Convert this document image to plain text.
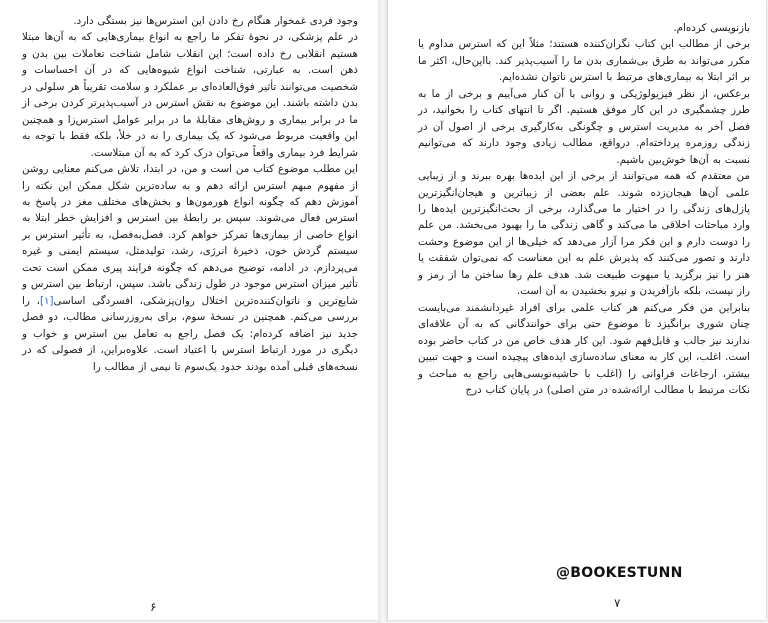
وجود فردی غمخوار هنگام رخ دادن این استرس‌ها نیز بستگی دارد.

در علم پزشکی، در نحوهٔ تفکر ما راجع به انواع بیماری‌هایی که به آن‌ها مبتلا هستیم انقلابی رخ داده است؛ این انقلاب شامل شناخت تعاملات بین بدن و ذهن است. به عبارتی، شناخت انواع شیوه‌هایی که در آن احساسات و شخصیت می‌توانند تأثیر فوق‌العاده‌ای بر عملکرد و سلامت تقریباً هر سلولی در بدن داشته باشند. این موضوع به نقش استرس در آسیب‌پذیرتر کردن برخی از ما در برابر بیماری و روش‌های مقابلهٔ ما در برابر عوامل استرس‌زا و همچنین این واقعیت مربوط می‌شود که یک بیماری را نه در خلأ، بلکه فقط با توجه به شرایط فرد بیماری واقعاً می‌توان درک کرد که به آن مبتلاست.

این مطلب موضوع کتاب من است و من، در ابتدا، تلاش می‌کنم معنایی روشن از مفهوم مبهم استرس ارائه دهم و به ساده‌ترین شکل ممکن این نکته را آموزش دهم که چگونه انواع هورمون‌ها و بخش‌های مختلف مغز در پاسخ به استرس فعال می‌شوند. سپس بر رابطهٔ بین استرس و افزایش خطر ابتلا به انواع خاصی از بیماری‌ها تمرکز خواهم کرد. فصل‌به‌فصل، به تأثیر استرس بر سیستم گردش خون، ذخیرهٔ انرژی، رشد، تولیدمثل، سیستم ایمنی و غیره می‌پردازم. در ادامه، توضیح می‌دهم که چگونه فرایند پیری ممکن است تحت تأثیر میزان استرس موجود در طول زندگی باشد. سپس، ارتباط بین استرس و شایع‌ترین و ناتوان‌کننده‌ترین اختلال روان‌پزشکی، افسردگی اساسی[۱]، را بررسی می‌کنم. همچنین در نسخهٔ سوم، برای به‌روزرسانی مطالب، دو فصل جدید نیز اضافه کرده‌ام: یک فصل راجع به تعامل بین استرس و خواب و دیگری در مورد ارتباط استرس با اعتیاد است. علاوه‌براین، از فصولی که در نسخه‌های قبلی آمده بودند حدود یک‌سوم تا نیمی از مطالب را

۶

بازنویسی کرده‌ام.

برخی از مطالب این کتاب نگران‌کننده هستند؛ مثلاً این که استرس مداوم یا مکرر می‌تواند به طرق بی‌شماری بدن ما را آسیب‌پذیر کند. بااین‌حال، اکثر ما بر اثر ابتلا به بیماری‌های مرتبط با استرس ناتوان نشده‌ایم.

برعکس، از نظر فیزیولوژیکی و روانی با آن کنار می‌آییم و برخی از ما به طرز چشمگیری در این کار موفق هستیم. اگر تا انتهای کتاب را بخوانید، در فصل آخر به مدیریت استرس و چگونگی به‌کارگیری برخی از اصول آن در زندگی روزمره پرداخته‌ام. درواقع، مطالب زیادی وجود دارند که می‌توانیم نسبت به آن‌ها خوش‌بین باشیم.

من معتقدم که همه می‌توانند از برخی از این ایده‌ها بهره ببرند و از زیبایی علمی آن‌ها هیجان‌زده شوند. علم بعضی از زیباترین و هیجان‌انگیزترین پازل‌های زندگی را در اختیار ما می‌گذارد، برخی از بحث‌انگیزترین ایده‌ها را وارد مباحثات اخلاقی ما می‌کند و گاهی زندگی ما را بهبود می‌بخشد. من علم را دوست دارم و این فکر مرا آزار می‌دهد که خیلی‌ها از این موضوع وحشت دارند و تصور می‌کنند که پذیرش علم به این معناست که نمی‌توان شفقت یا هنر را نیز برگزید یا مبهوت طبیعت شد. هدف علم رها ساختن ما از رمز و راز نیست، بلکه بازآفریدن و نیرو بخشیدن به آن است.

بنابراین من فکر می‌کنم هر کتاب علمی برای افراد غیردانشمند می‌بایست چنان شوری برانگیزد تا موضوع حتی برای خوانندگانی که به آن علاقه‌ای ندارند نیز جالب و قابل‌فهم شود. این کار هدف خاص من در کتاب حاضر بوده است. اغلب، این کار به معنای ساده‌سازی ایده‌های پیچیده است و جهت تبیین بیشتر، ارجاعات فراوانی را (اغلب با حاشیه‌نویسی‌هایی راجع به مباحث و نکات مرتبط با مطالب ارائه‌شده در متن اصلی) در پایان کتاب درج

@BOOKESTUNN
۷
